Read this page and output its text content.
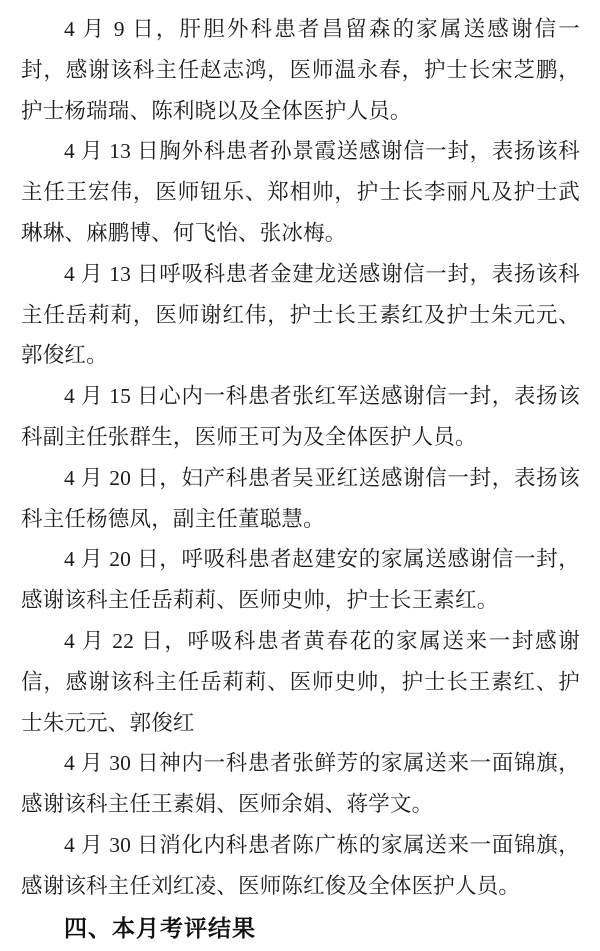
4 月 9 日，肝胆外科患者昌留森的家属送感谢信一封，感谢该科主任赵志鸿，医师温永春，护士长宋芝鹏，护士杨瑞瑞、陈利晓以及全体医护人员。

4 月 13 日胸外科患者孙景霞送感谢信一封，表扬该科主任王宏伟，医师钮乐、郑相帅，护士长李丽凡及护士武琳琳、麻鹏博、何飞怡、张冰梅。

4 月 13 日呼吸科患者金建龙送感谢信一封，表扬该科主任岳莉莉，医师谢红伟，护士长王素红及护士朱元元、郭俊红。

4 月 15 日心内一科患者张红军送感谢信一封，表扬该科副主任张群生，医师王可为及全体医护人员。

4 月 20 日，妇产科患者吴亚红送感谢信一封，表扬该科主任杨德凤，副主任董聪慧。

4 月 20 日，呼吸科患者赵建安的家属送感谢信一封，感谢该科主任岳莉莉、医师史帅，护士长王素红。

4 月 22 日，呼吸科患者黄春花的家属送来一封感谢信，感谢该科主任岳莉莉、医师史帅，护士长王素红、护士朱元元、郭俊红

4 月 30 日神内一科患者张鲜芳的家属送来一面锦旗，感谢该科主任王素娟、医师余娟、蒋学文。

4 月 30 日消化内科患者陈广栋的家属送来一面锦旗，感谢该科主任刘红凌、医师陈红俊及全体医护人员。

四、本月考评结果
